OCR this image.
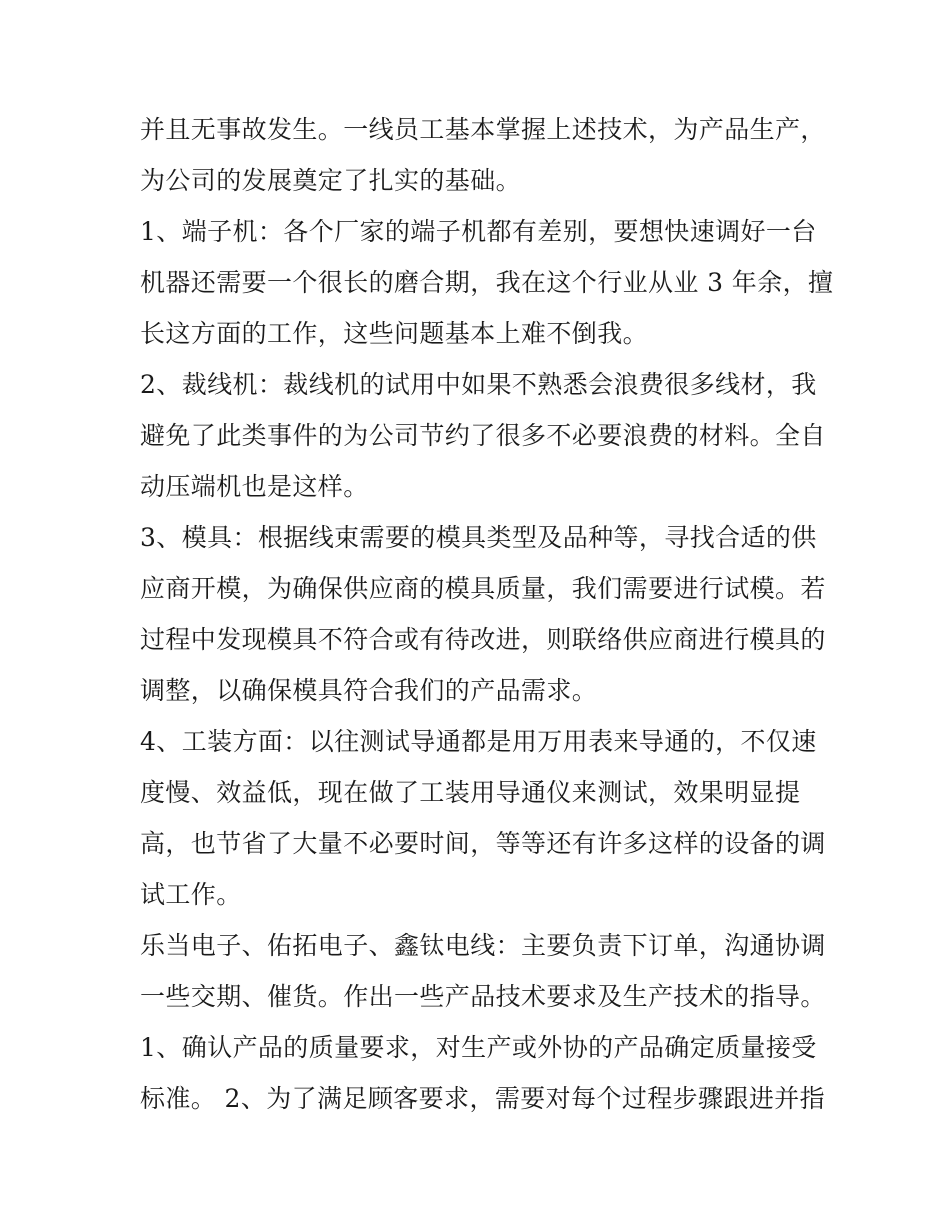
并且无事故发生。一线员工基本掌握上述技术，为产品生产，
为公司的发展奠定了扎实的基础。
1、端子机：各个厂家的端子机都有差别，要想快速调好一台
机器还需要一个很长的磨合期，我在这个行业从业 3 年余，擅
长这方面的工作，这些问题基本上难不倒我。
2、裁线机：裁线机的试用中如果不熟悉会浪费很多线材，我
避免了此类事件的为公司节约了很多不必要浪费的材料。全自
动压端机也是这样。
3、模具：根据线束需要的模具类型及品种等，寻找合适的供
应商开模，为确保供应商的模具质量，我们需要进行试模。若
过程中发现模具不符合或有待改进，则联络供应商进行模具的
调整，以确保模具符合我们的产品需求。
4、工装方面：以往测试导通都是用万用表来导通的，不仅速
度慢、效益低，现在做了工装用导通仪来测试，效果明显提
高，也节省了大量不必要时间，等等还有许多这样的设备的调
试工作。
乐当电子、佑拓电子、鑫钛电线：主要负责下订单，沟通协调
一些交期、催货。作出一些产品技术要求及生产技术的指导。
1、确认产品的质量要求，对生产或外协的产品确定质量接受
标准。 2、为了满足顾客要求，需要对每个过程步骤跟进并指
